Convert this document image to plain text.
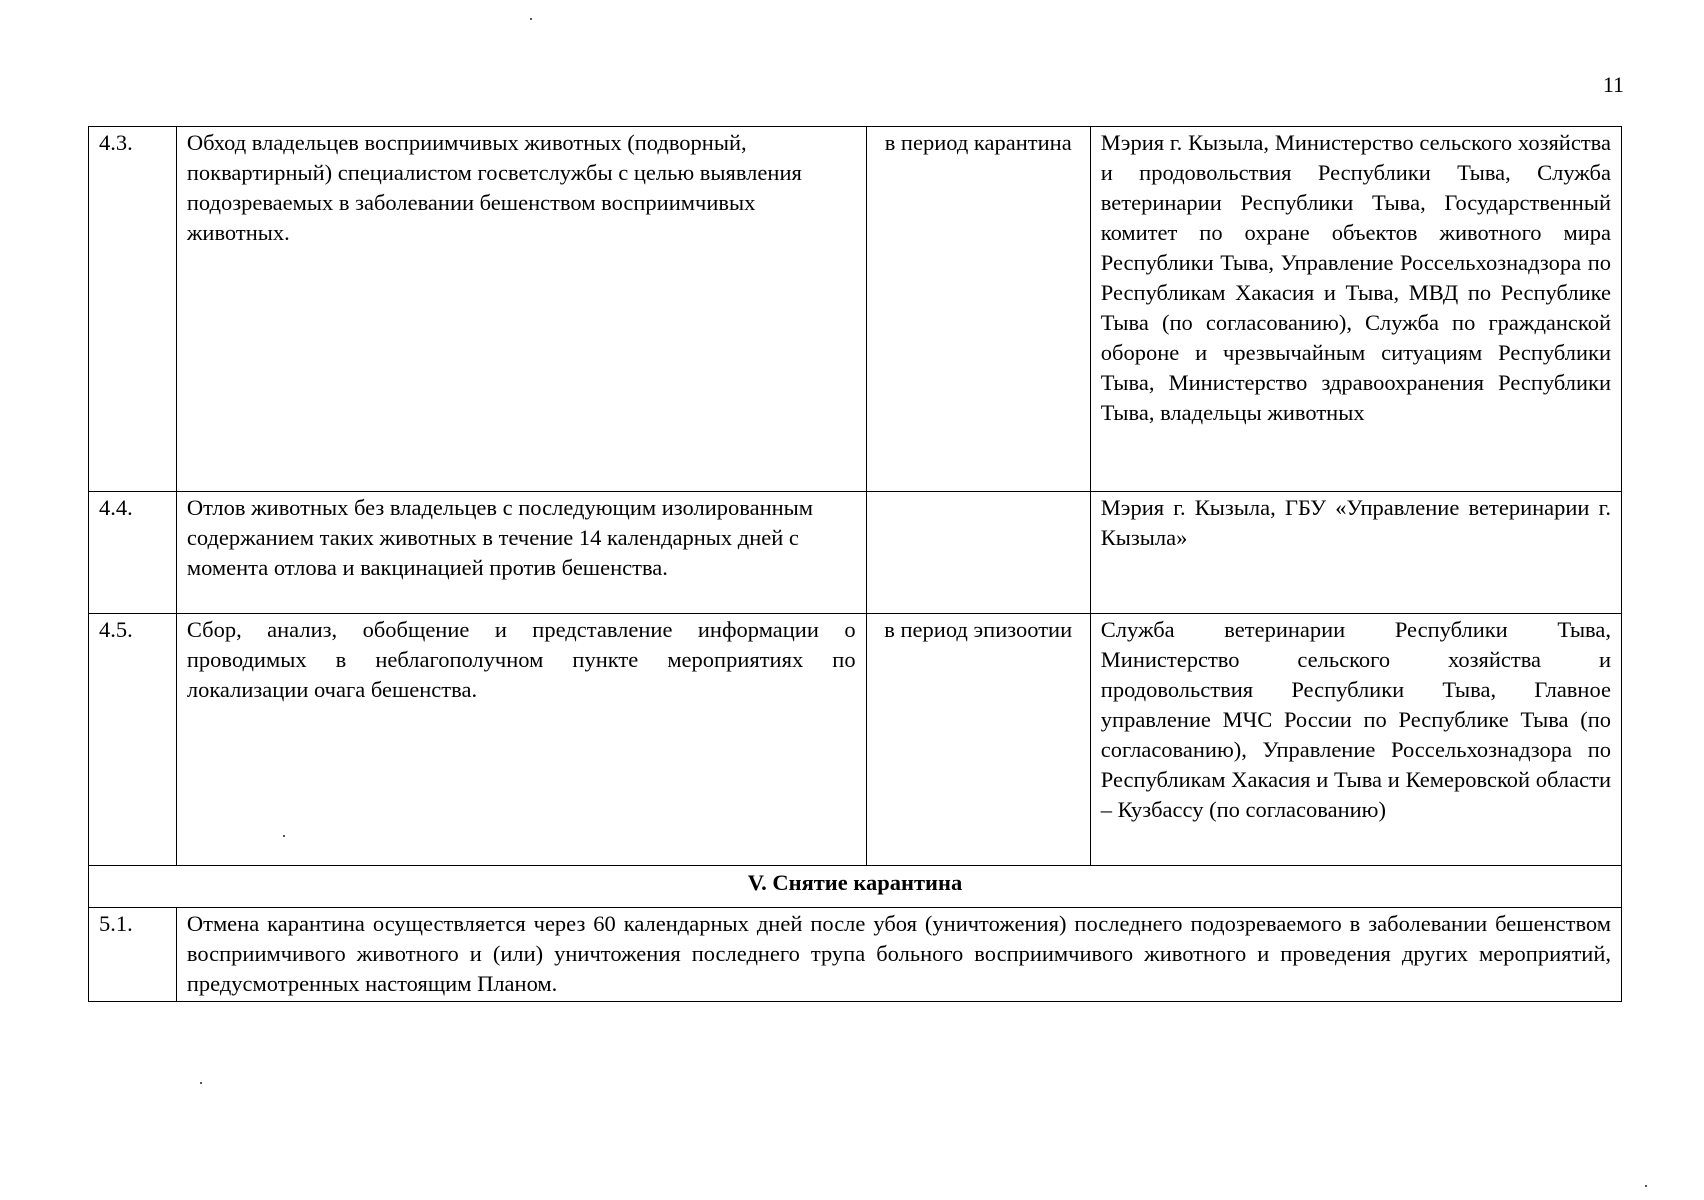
11
4.3.	Обход владельцев восприимчивых животных (подворный, поквартирный) специалистом госветслужбы с целью выявления подозреваемых в заболевании бешенством восприимчивых животных.	в период карантина	Мэрия г. Кызыла, Министерство сельского хозяйства и продовольствия Республики Тыва, Служба ветеринарии Республики Тыва, Государственный комитет по охране объектов животного мира Республики Тыва, Управление Россельхознадзора по Республикам Хакасия и Тыва, МВД по Республике Тыва (по согласованию), Служба по гражданской обороне и чрезвычайным ситуациям Республики Тыва, Министерство здравоохранения Республики Тыва, владельцы животных
4.4.	Отлов животных без владельцев с последующим изолированным содержанием таких животных в течение 14 календарных дней с момента отлова и вакцинацией против бешенства.		Мэрия г. Кызыла, ГБУ «Управление ветеринарии г. Кызыла»
4.5.	Сбор, анализ, обобщение и представление информации о проводимых в неблагополучном пункте мероприятиях по локализации очага бешенства.	в период эпизоотии	Служба ветеринарии Республики Тыва, Министерство сельского хозяйства и продовольствия Республики Тыва, Главное управление МЧС России по Республике Тыва (по согласованию), Управление Россельхознадзора по Республикам Хакасия и Тыва и Кемеровской области – Кузбассу (по согласованию)
V. Снятие карантина			
5.1.	Отмена карантина осуществляется через 60 календарных дней после убоя (уничтожения) последнего подозреваемого в заболевании бешенством восприимчивого животного и (или) уничтожения последнего трупа больного восприимчивого животного и проведения других мероприятий, предусмотренных настоящим Планом.		
